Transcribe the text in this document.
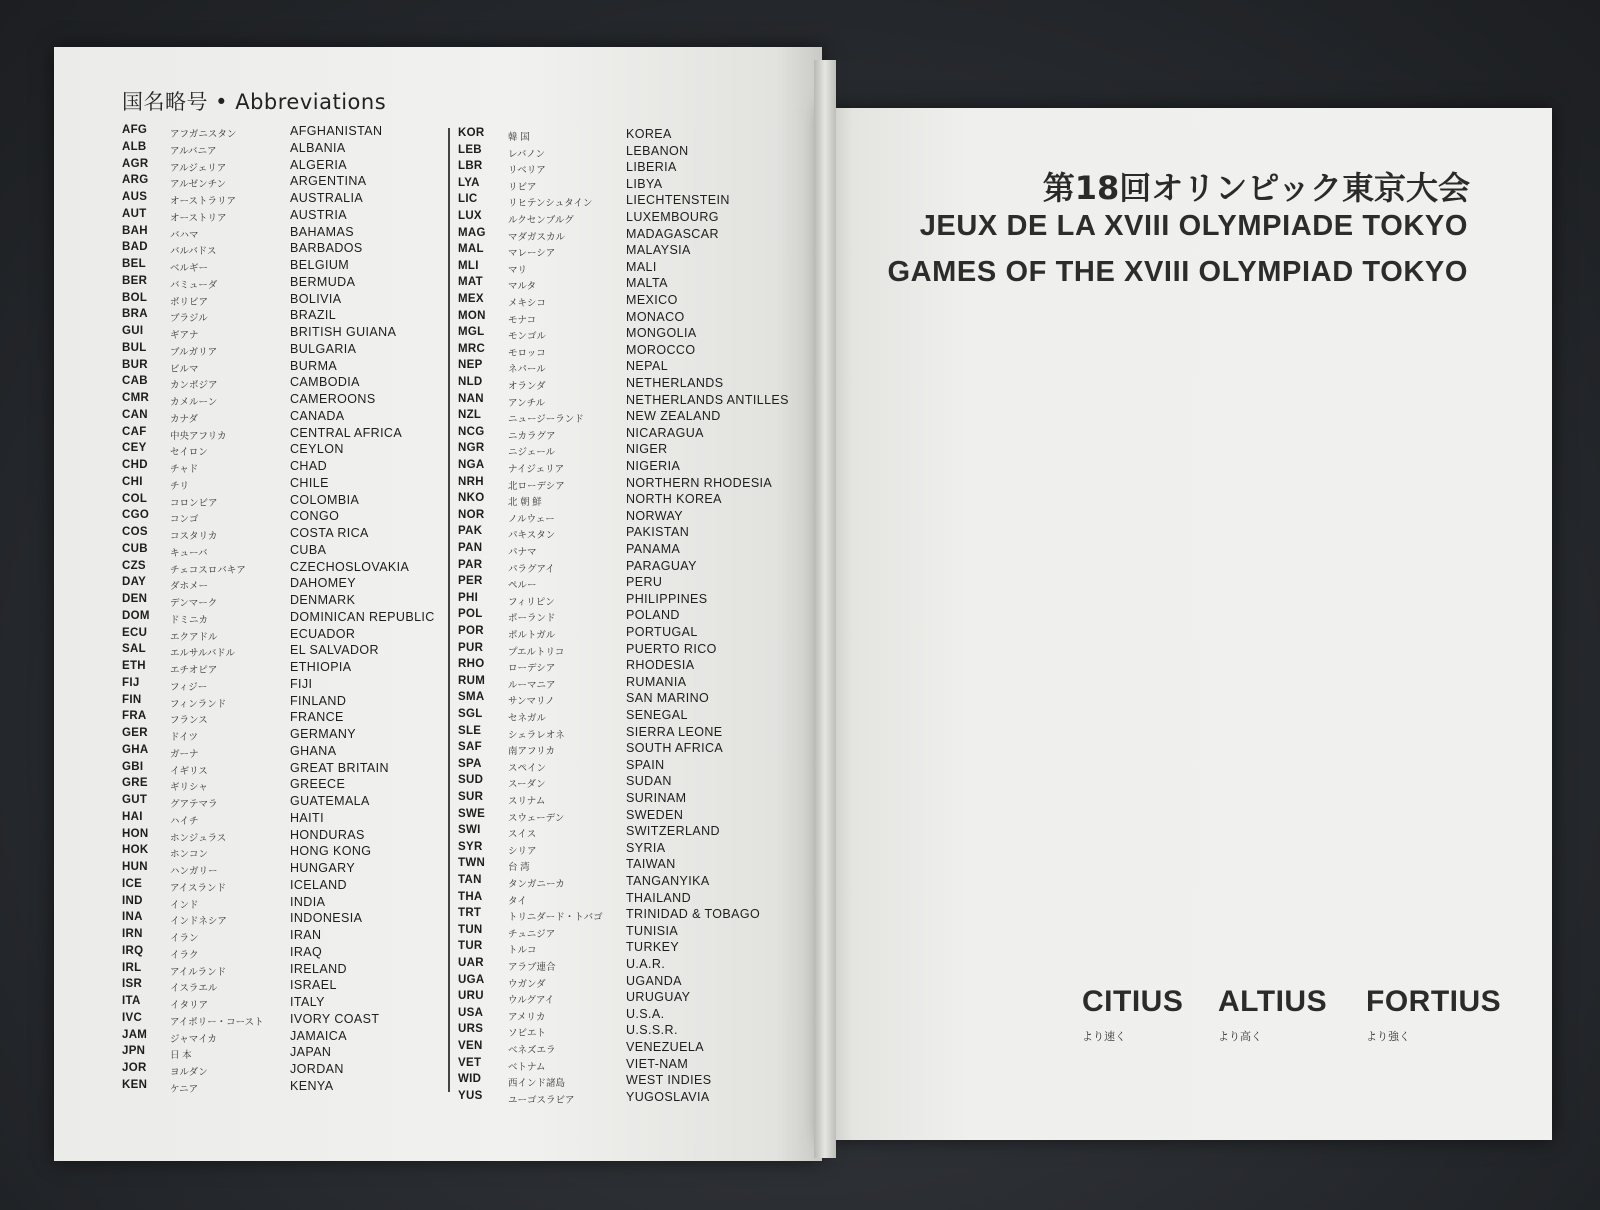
国名略号 • Abbreviations
AFG アフガニスタン	AFGHANISTAN
ALB アルバニア	ALBANIA
AGR アルジェリア	ALGERIA
ARG アルゼンチン	ARGENTINA
AUS オーストラリア	AUSTRALIA
AUT オーストリア	AUSTRIA
BAH バハマ	BAHAMAS
BAD バルバドス	BARBADOS
BEL	ベルギー	BELGIUM
BER バミューダ	BERMUDA
BOL ボリビア	BOLIVIA
BRA ブラジル	BRAZIL
GUI	ギアナ	BRITISH GUIANA
BUL ブルガリア	BULGARIA
BUR ビルマ	BURMA
CAB カンボジア	CAMBODIA
CMR カメルーン	CAMEROONS
CAN カナダ	CANADA
CAF 中央アフリカ	CENTRAL AFRICA
CEY セイロン	CEYLON
CHD チャド	CHAD
CHI	チリ	CHILE
COL コロンビア	COLOMBIA
CGO コンゴ	CONGO
COS コスタリカ	COSTA RICA
CUB キューバ	CUBA
CZS	チェコスロバキア	CZECHOSLOVAKIA
DAY	ダホメー	DAHOMEY
DEN デンマーク	DENMARK
DOM ドミニカ	DOMINICAN REPUBLIC
ECU エクアドル	ECUADOR
SAL	エルサルバドル	EL SALVADOR
ETH	エチオピア	ETHIOPIA
FIJ	フィジー	FIJI
FIN	フィンランド	FINLAND
FRA フランス	FRANCE
GER ドイツ	GERMANY
GHA ガーナ	GHANA
GBI	イギリス	GREAT BRITAIN
GRE ギリシャ	GREECE
GUT グアテマラ	GUATEMALA
HAI	ハイチ	HAITI
HON ホンジュラス	HONDURAS
HOK ホンコン	HONG KONG
HUN ハンガリー	HUNGARY
ICE	アイスランド	ICELAND
IND	インド	INDIA
INA	インドネシア	INDONESIA
IRN	イラン	IRAN
IRQ	イラク	IRAQ
IRL	アイルランド	IRELAND
ISR	イスラエル	ISRAEL
ITA	イタリア	ITALY
IVC	アイボリー・コースト IVORY COAST
JAM ジャマイカ	JAMAICA
JPN	日 本	JAPAN
JOR ヨルダン	JORDAN
KEN ケニア	KENYA
KOR 韓 国	KOREA
LEB	レバノン	LEBANON
LBR	リベリア	LIBERIA
LYA	リビア	LIBYA
LIC	リヒテンシュタイン	LIECHTENSTEIN
LUX	ルクセンブルグ	LUXEMBOURG
MAG マダガスカル	MADAGASCAR
MAL	マレーシア	MALAYSIA
MLI	マリ	MALI
MAT	マルタ	MALTA
MEX	メキシコ	MEXICO
MON モナコ	MONACO
MGL モンゴル	MONGOLIA
MRC モロッコ	MOROCCO
NEP	ネパール	NEPAL
NLD	オランダ	NETHERLANDS
NAN	アンチル	NETHERLANDS ANTILLES
NZL	ニュージーランド	NEW ZEALAND
NCG ニカラグア	NICARAGUA
NGR ニジェール	NIGER
NGA ナイジェリア	NIGERIA
NRH	北ローデシア	NORTHERN RHODESIA
NKO 北 朝 鮮	NORTH KOREA
NOR ノルウェー	NORWAY
PAK	パキスタン	PAKISTAN
PAN	パナマ	PANAMA
PAR	パラグアイ	PARAGUAY
PER	ペルー	PERU
PHI	フィリピン	PHILIPPINES
POL	ポーランド	POLAND
POR	ポルトガル	PORTUGAL
PUR	プエルトリコ	PUERTO RICO
RHO ローデシア	RHODESIA
RUM ルーマニア	RUMANIA
SMA サンマリノ	SAN MARINO
SGL	セネガル	SENEGAL
SLE	シェラレオネ	SIERRA LEONE
SAF	南アフリカ	SOUTH AFRICA
SPA	スペイン	SPAIN
SUD	スーダン	SUDAN
SUR	スリナム	SURINAM
SWE スウェーデン	SWEDEN
SWI	スイス	SWITZERLAND
SYR	シリア	SYRIA
TWN 台 湾	TAIWAN
TAN	タンガニーカ	TANGANYIKA
THA	タイ	THAILAND
TRT	トリニダード・トバゴ TRINIDAD & TOBAGO
TUN	チュニジア	TUNISIA
TUR	トルコ	TURKEY
UAR	アラブ連合	U.A.R.
UGA ウガンダ	UGANDA
URU	ウルグアイ	URUGUAY
USA	アメリカ	U.S.A.
URS	ソビエト	U.S.S.R.
VEN	ベネズエラ	VENEZUELA
VET	ベトナム	VIET-NAM
WID	西インド諸島	WEST INDIES
YUS	ユーゴスラビア	YUGOSLAVIA
第18回オリンピック東京大会
JEUX DE LA XVIII OLYMPIADE TOKYO
GAMES OF THE XVIII OLYMPIAD TOKYO
CITIUS ALTIUS FORTIUS
より速く	より高く	より強く
